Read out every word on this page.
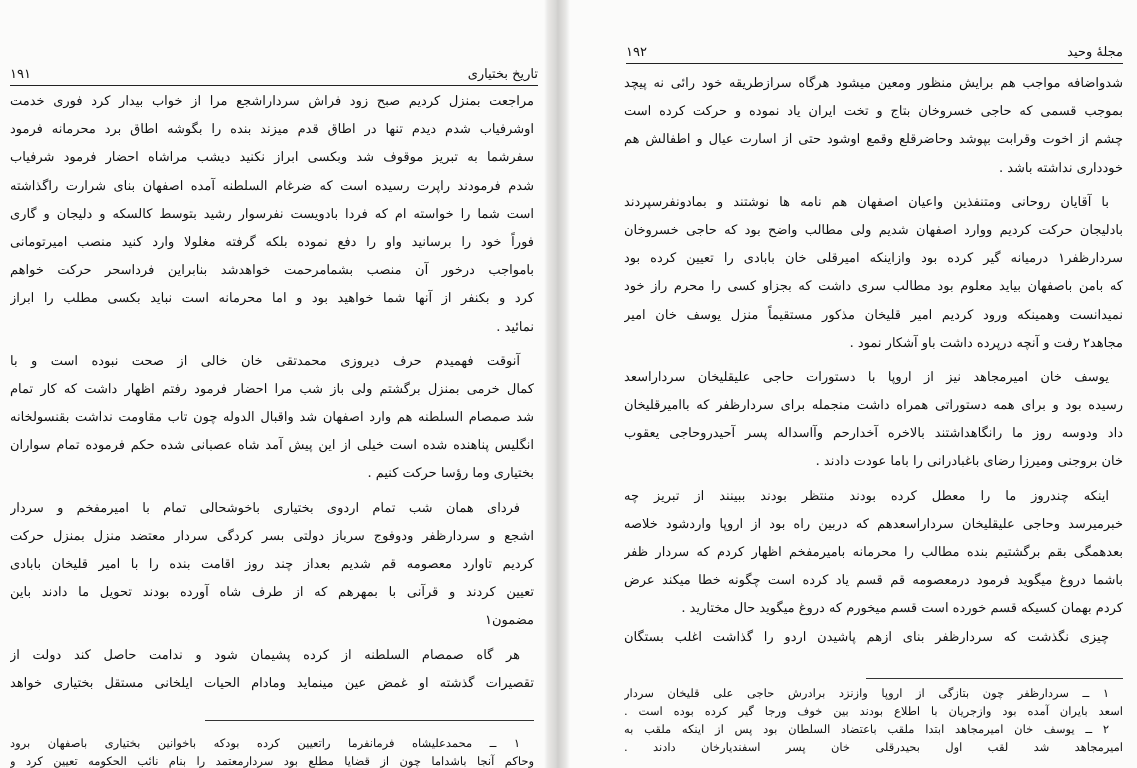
۱۹۱	تاریخ بختیاری
مراجعت بمنزل کردیم صبح زود فراش سرداراشجع مرا از خواب بیدار کرد فوری خدمت
اوشرفیاب شدم دیدم تنها در اطاق قدم میزند بنده را بگوشه اطاق برد محرمانه فرمود
سفرشما به تبریز موقوف شد وبکسی ابراز نکنید دیشب مراشاه احضار فرمود شرفیاب
شدم فرمودند راپرت رسیده است که ضرغام السلطنه آمده اصفهان بنای شرارت راگذاشته
است شما را خواسته ام که فردا بادویست نفرسوار رشید بتوسط کالسکه و دلیجان و گاری
فوراً خود را برسانید واو را دفع نموده بلکه گرفته مغلولا وارد کنید منصب امیرتومانی
بامواجب درخور آن منصب بشمامرحمت خواهدشد بنابراین فرداسحر حرکت خواهم
کرد و بکنفر از آنها شما خواهید بود و اما محرمانه است نباید بکسی مطلب را ابراز
نمائید .
آنوقت فهمیدم حرف دیروزی محمدتقی خان خالی از صحت نبوده است و با
کمال خرمی بمنزل برگشتم ولی باز شب مرا احضار فرمود رفتم اظهار داشت که کار تمام
شد صمصام السلطنه هم وارد اصفهان شد واقبال الدوله چون تاب مقاومت نداشت بقنسولخانه
انگلیس پناهنده شده است خیلی از این پیش آمد شاه عصبانی شده حکم فرموده تمام سواران
بختیاری وما رؤسا حرکت کنیم .
فردای همان شب تمام اردوی بختیاری باخوشحالی تمام با امیرمفخم و سردار
اشجع و سردارظفر ودوفوج سرباز دولتی بسر کردگی سردار معتضد منزل بمنزل حرکت
کردیم تاوارد معصومه قم شدیم بعداز چند روز اقامت بنده را با امیر قلیخان بابادی
تعیین کردند و قرآنی با بمهرهم که از طرف شاه آورده بودند تحویل ما دادند باین
مضمون۱
هر گاه صمصام السلطنه از کرده پشیمان شود و ندامت حاصل کند دولت از
تقصیرات گذشته او غمض عین مینماید ومادام الحیات ایلخانی مستقل بختیاری خواهد
۱ ــ محمدعلیشاه فرمانفرما راتعیین کرده بودکه باخوانین بختیاری باصفهان برود
وحاکم آنجا باشداما چون از قضایا مطلع بود سردارمعتمد را بنام نائب الحکومه تعیین کرد و
۱۹۲	مجلۀ وحید
شدواضافه مواجب هم برایش منظور ومعین میشود هرگاه سرازطریقه خود رائی نه پیچد
بموجب قسمی که حاجی خسروخان بتاج و تخت ایران یاد نموده و حرکت کرده است
چشم از اخوت وقرابت بپوشد وحاضرقلع وقمع اوشود حتی از اسارت عیال و اطفالش هم
خودداری نداشته باشد .
با آقایان روحانی ومتنفذین واعیان اصفهان هم نامه ها نوشتند و بمادونفرسپردند
بادلیجان حرکت کردیم ووارد اصفهان شدیم ولی مطالب واضح بود که حاجی خسروخان
سردارظفر۱ درمیانه گیر کرده بود وازاینکه امیرقلی خان بابادی را تعیین کرده بود
که بامن باصفهان بیاید معلوم بود مطالب سری داشت که بجزاو کسی را محرم راز خود
نمیدانست وهمینکه ورود کردیم امیر قلیخان مذکور مستقیماً منزل یوسف خان امیر
مجاهد۲ رفت و آنچه درپرده داشت باو آشکار نمود .
یوسف خان امیرمجاهد نیز از اروپا با دستورات حاجی علیقلیخان سرداراسعد
رسیده بود و برای همه دستوراتی همراه داشت منجمله برای سردارظفر که باامیرقلیخان
داد ودوسه روز ما رانگاهداشتند بالاخره آخدارحم وآاسداله پسر آحیدروحاجی یعقوب
خان بروجنی ومیرزا رضای باغبادرانی را باما عودت دادند .
اینکه چندروز ما را معطل کرده بودند منتظر بودند ببینند از تبریز چه
خبرمیرسد وحاجی علیقلیخان سرداراسعدهم که دربین راه بود از اروپا واردشود خلاصه
بعدهمگی بقم برگشتیم بنده مطالب را محرمانه بامیرمفخم اظهار کردم که سردار ظفر
باشما دروغ میگوید فرمود درمعصومه قم قسم یاد کرده است چگونه خطا میکند عرض
کردم بهمان کسیکه قسم خورده است قسم میخورم که دروغ میگوید حال مختارید .
چیزی نگذشت که سردارظفر بنای ازهم پاشیدن اردو را گذاشت اغلب بستگان
۱ ــ سردارظفر چون بتازگی از اروپا وازنزد برادرش حاجی علی قلیخان سردار
اسعد بایران آمده بود وازجریان با اطلاع بودند بین خوف ورجا گیر کرده بوده است .
۲ ــ یوسف خان امیرمجاهد ابتدا ملقب باعتضاد السلطان بود پس از اینکه ملقب به
امیرمجاهد شد لقب اول بحیدرقلی خان پسر اسفندیارخان دادند .
